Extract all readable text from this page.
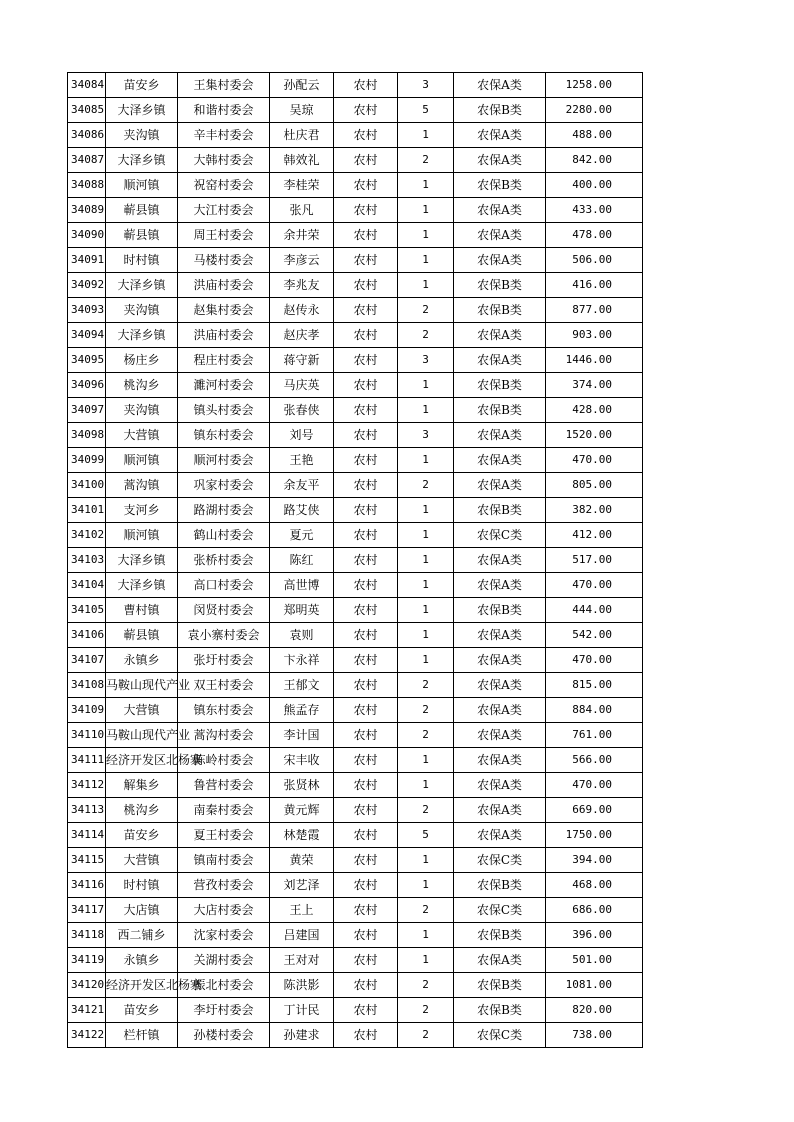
34084	苗安乡	王集村委会	孙配云	农村	3	农保A类	1258.00
34085	大泽乡镇	和谐村委会	吴琼	农村	5	农保B类	2280.00
34086	夹沟镇	辛丰村委会	杜庆君	农村	1	农保A类	488.00
34087	大泽乡镇	大韩村委会	韩效礼	农村	2	农保A类	842.00
34088	顺河镇	祝窑村委会	李桂荣	农村	1	农保B类	400.00
34089	蕲县镇	大江村委会	张凡	农村	1	农保A类	433.00
34090	蕲县镇	周王村委会	余井荣	农村	1	农保A类	478.00
34091	时村镇	马楼村委会	李彦云	农村	1	农保A类	506.00
34092	大泽乡镇	洪庙村委会	李兆友	农村	1	农保B类	416.00
34093	夹沟镇	赵集村委会	赵传永	农村	2	农保B类	877.00
34094	大泽乡镇	洪庙村委会	赵庆孝	农村	2	农保A类	903.00
34095	杨庄乡	程庄村委会	蒋守新	农村	3	农保A类	1446.00
34096	桃沟乡	濉河村委会	马庆英	农村	1	农保B类	374.00
34097	夹沟镇	镇头村委会	张春侠	农村	1	农保B类	428.00
34098	大营镇	镇东村委会	刘号	农村	3	农保A类	1520.00
34099	顺河镇	顺河村委会	王艳	农村	1	农保A类	470.00
34100	蒿沟镇	巩家村委会	余友平	农村	2	农保A类	805.00
34101	支河乡	路湖村委会	路艾侠	农村	1	农保B类	382.00
34102	顺河镇	鹤山村委会	夏元	农村	1	农保C类	412.00
34103	大泽乡镇	张桥村委会	陈红	农村	1	农保A类	517.00
34104	大泽乡镇	高口村委会	高世博	农村	1	农保A类	470.00
34105	曹村镇	闵贤村委会	郑明英	农村	1	农保B类	444.00
34106	蕲县镇	袁小寨村委会	袁则	农村	1	农保A类	542.00
34107	永镇乡	张圩村委会	卞永祥	农村	1	农保A类	470.00
34108	马鞍山现代产业	双王村委会	王郁文	农村	2	农保A类	815.00
34109	大营镇	镇东村委会	熊孟存	农村	2	农保A类	884.00
34110	马鞍山现代产业	蒿沟村委会	李计国	农村	2	农保A类	761.00
34111	经济开发区北杨寨	陈岭村委会	宋丰收	农村	1	农保A类	566.00
34112	解集乡	鲁营村委会	张贤林	农村	1	农保A类	470.00
34113	桃沟乡	南秦村委会	黄元辉	农村	2	农保A类	669.00
34114	苗安乡	夏王村委会	林楚霞	农村	5	农保A类	1750.00
34115	大营镇	镇南村委会	黄荣	农村	1	农保C类	394.00
34116	时村镇	营孜村委会	刘艺泽	农村	1	农保B类	468.00
34117	大店镇	大店村委会	王上	农村	2	农保C类	686.00
34118	西二铺乡	沈家村委会	吕建国	农村	1	农保B类	396.00
34119	永镇乡	关湖村委会	王对对	农村	1	农保A类	501.00
34120	经济开发区北杨寨	振北村委会	陈洪影	农村	2	农保B类	1081.00
34121	苗安乡	李圩村委会	丁计民	农村	2	农保B类	820.00
34122	栏杆镇	孙楼村委会	孙建求	农村	2	农保C类	738.00
